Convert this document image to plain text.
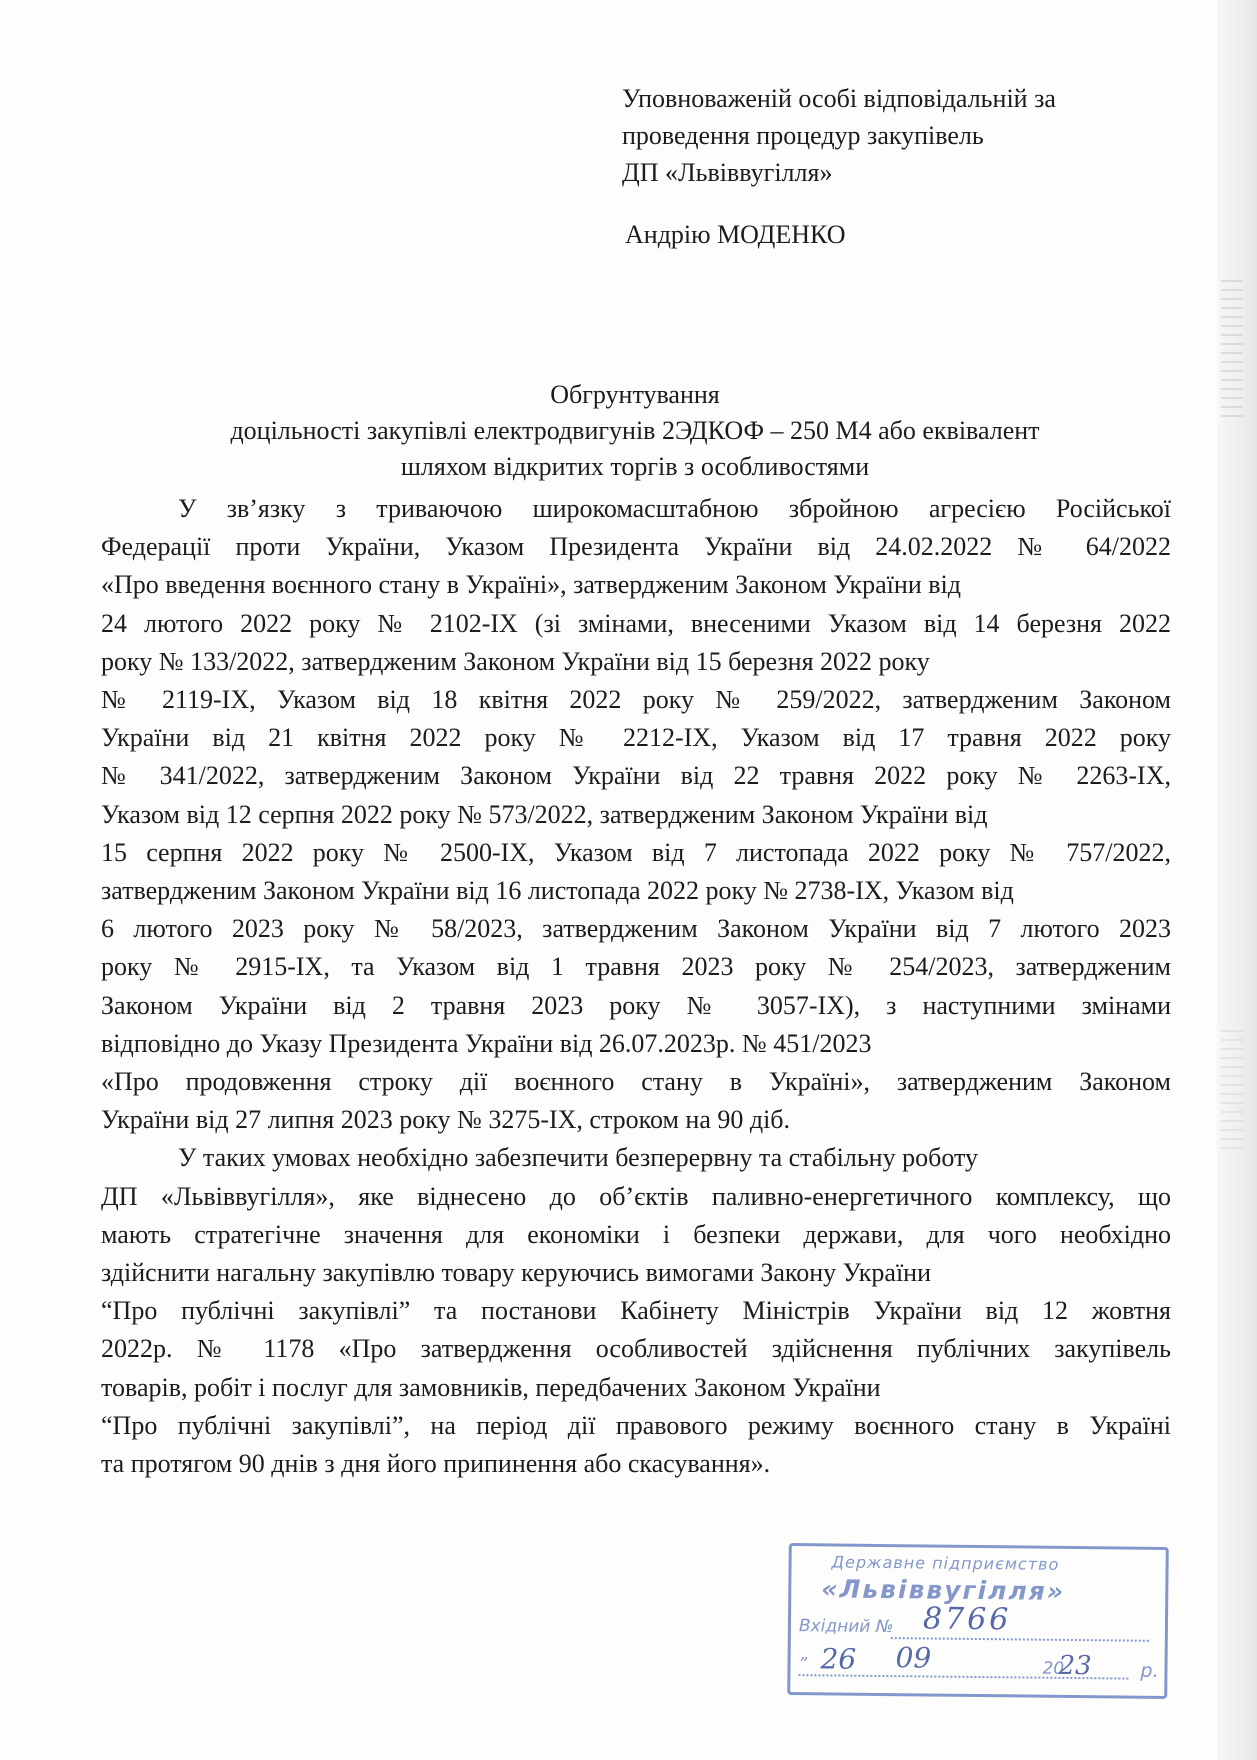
Уповноваженій особі відповідальній за
проведення процедур закупівель
ДП «Львіввугілля»
Андрію МОДЕНКО
Обгрунтування
доцільності закупівлі електродвигунів 2ЭДКОФ – 250 М4 або еквівалент
шляхом відкритих торгів з особливостями

У зв’язку з триваючою широкомасштабною збройною агресією Російської
Федерації проти України, Указом Президента України від 24.02.2022 № 64/2022
«Про введення воєнного стану в Україні», затвердженим Законом України від
24 лютого 2022 року № 2102-IX (зі змінами, внесеними Указом від 14 березня 2022
року № 133/2022, затвердженим Законом України від 15 березня 2022 року
№ 2119-IX, Указом від 18 квітня 2022 року № 259/2022, затвердженим Законом
України від 21 квітня 2022 року № 2212-IX, Указом від 17 травня 2022 року
№ 341/2022, затвердженим Законом України від 22 травня 2022 року № 2263-IX,
Указом від 12 серпня 2022 року № 573/2022, затвердженим Законом України від
15 серпня 2022 року № 2500-IX, Указом від 7 листопада 2022 року № 757/2022,
затвердженим Законом України від 16 листопада 2022 року № 2738-IX, Указом від
6 лютого 2023 року № 58/2023, затвердженим Законом України від 7 лютого 2023
року № 2915-IX, та Указом від 1 травня 2023 року № 254/2023, затвердженим
Законом України від 2 травня 2023 року № 3057-IX), з наступними змінами
відповідно до Указу Президента України від 26.07.2023р. № 451/2023
«Про продовження строку дії воєнного стану в Україні», затвердженим Законом
України від 27 липня 2023 року № 3275-IX, строком на 90 діб.

У таких умовах необхідно забезпечити безперервну та стабільну роботу
ДП «Львіввугілля», яке віднесено до об’єктів паливно-енергетичного комплексу, що
мають стратегічне значення для економіки і безпеки держави, для чого необхідно
здійснити нагальну закупівлю товару керуючись вимогами Закону України
“Про публічні закупівлі” та постанови Кабінету Міністрів України від 12 жовтня
2022р. № 1178 «Про затвердження особливостей здійснення публічних закупівель
товарів, робіт і послуг для замовників, передбачених Законом України
“Про публічні закупівлі”, на період дії правового режиму воєнного стану в Україні
та протягом 90 днів з дня його припинення або скасування».

Державне підприємство
«Львіввугілля»
Вхідний №
„
20	р.
8766
26 09	23
